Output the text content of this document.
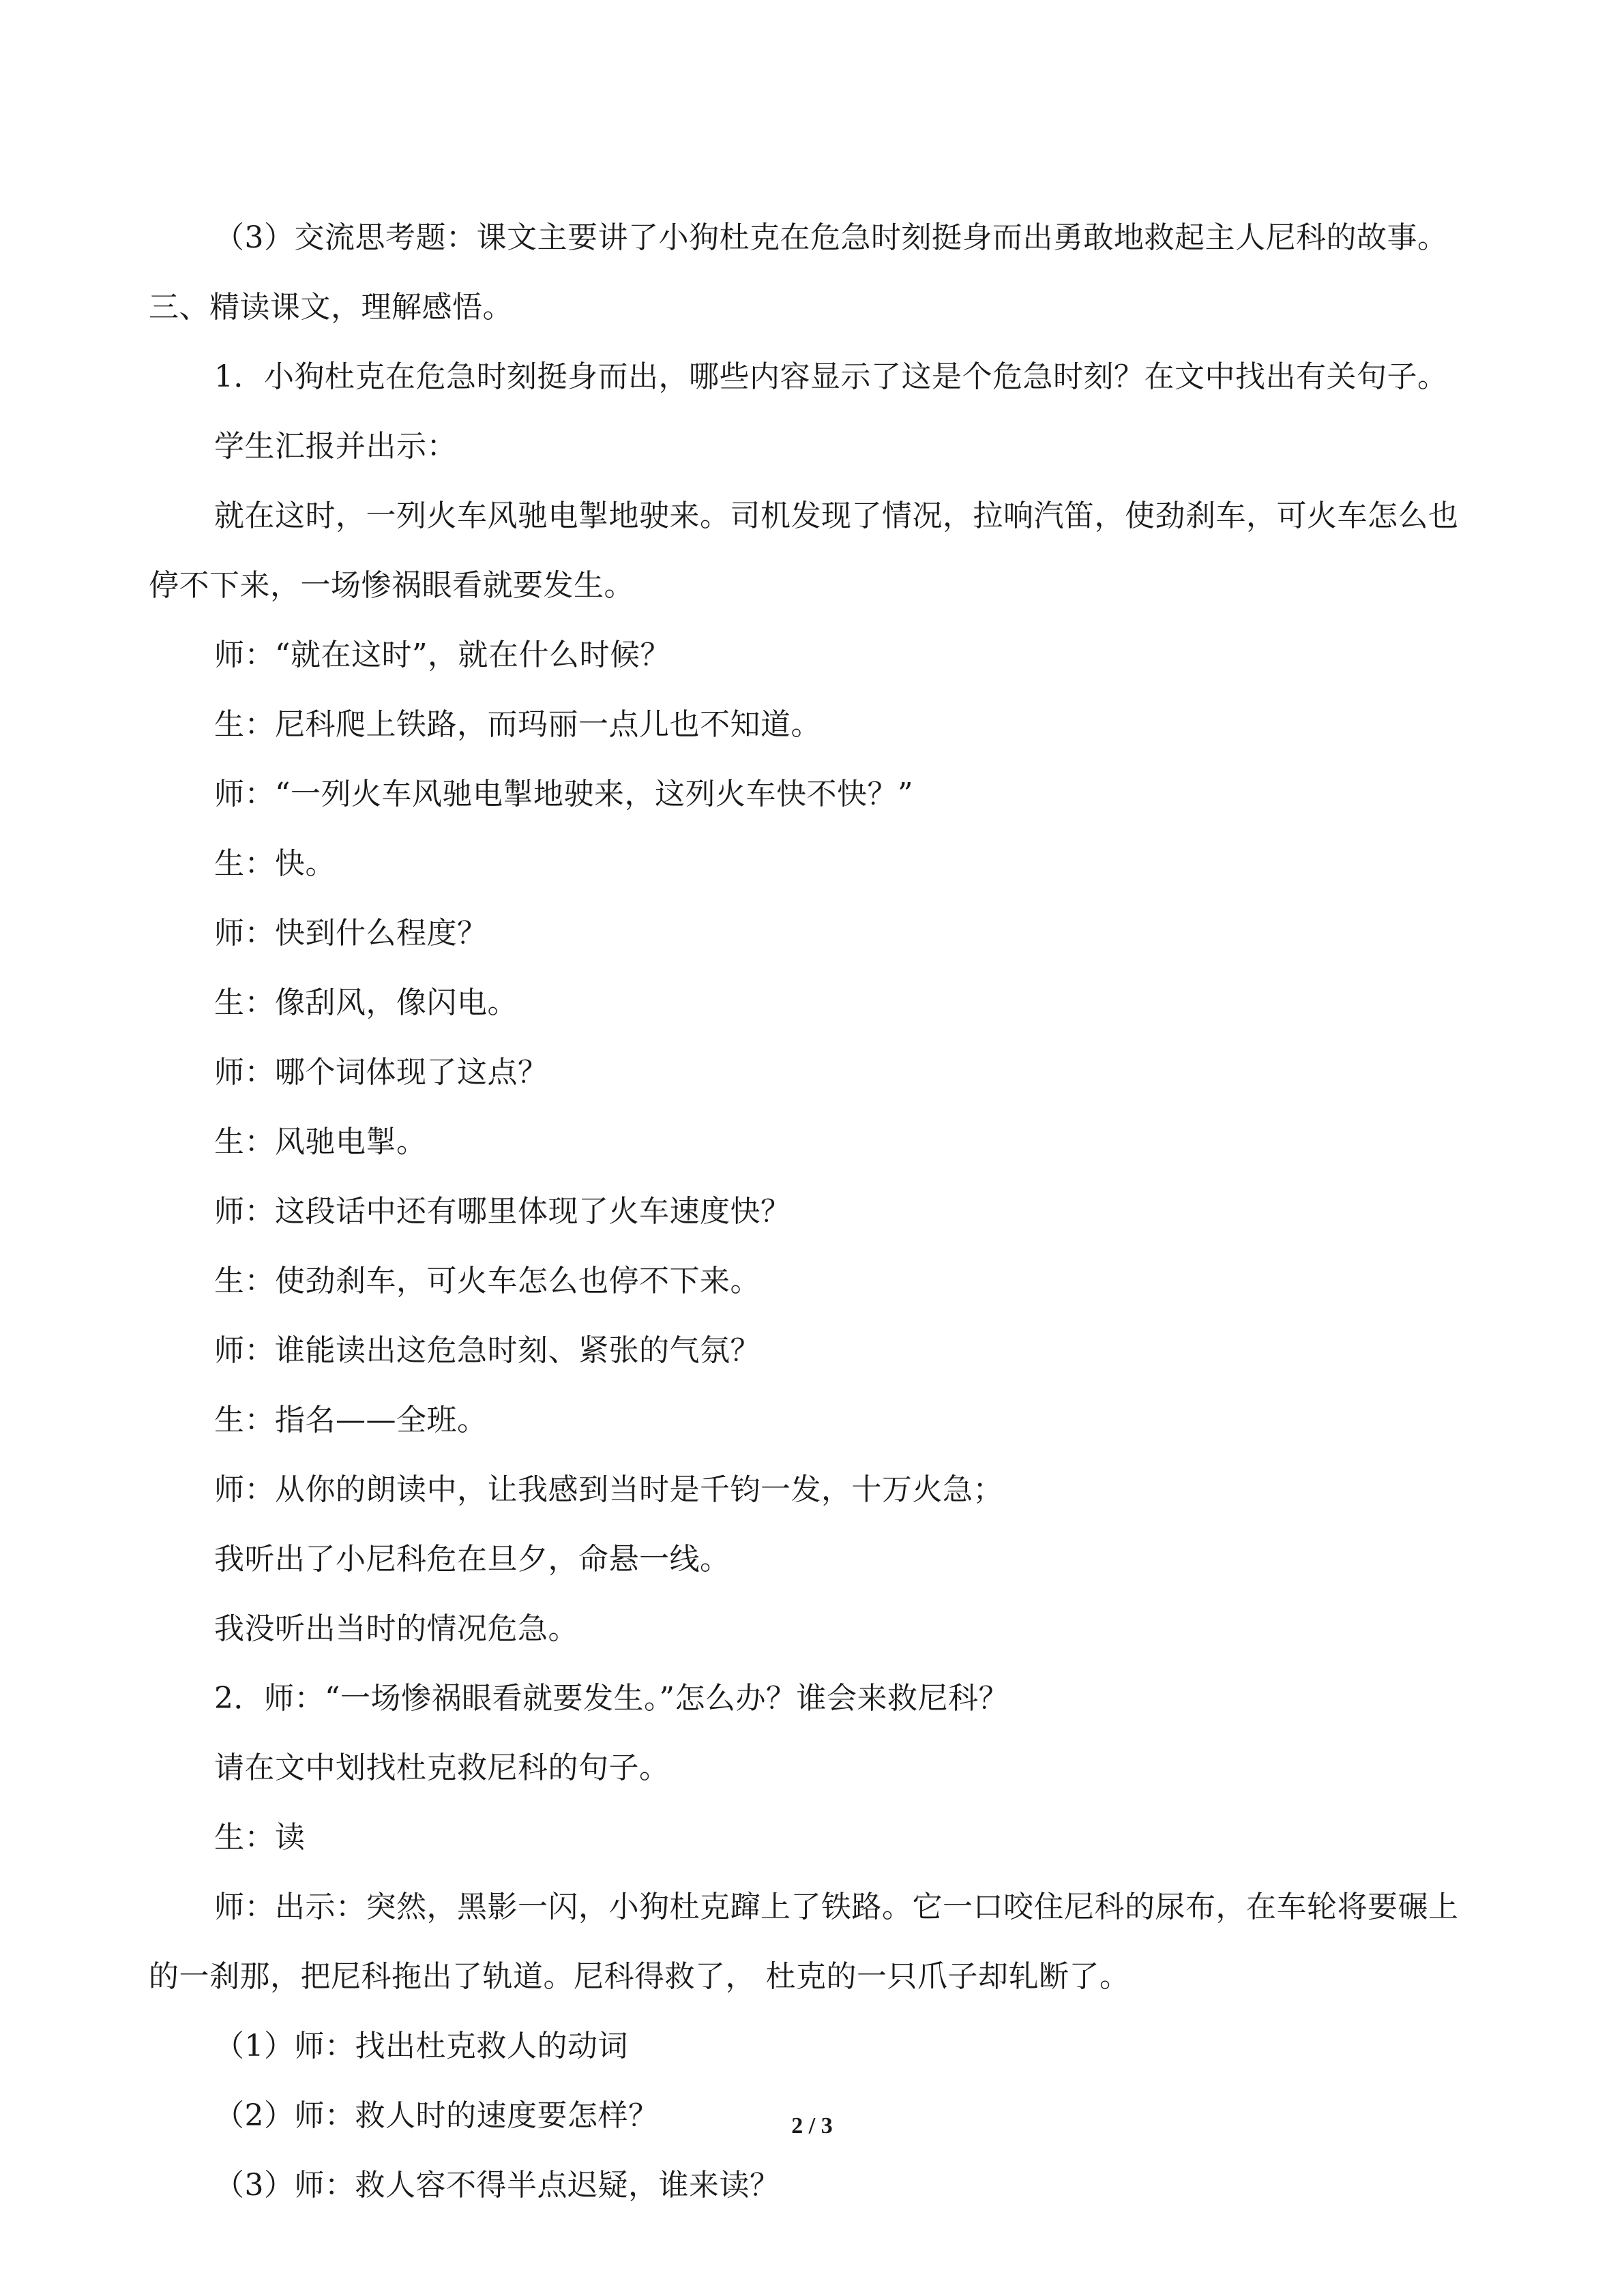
（3）交流思考题：课文主要讲了小狗杜克在危急时刻挺身而出勇敢地救起主人尼科的故事。

三、精读课文，理解感悟。

1．小狗杜克在危急时刻挺身而出，哪些内容显示了这是个危急时刻？在文中找出有关句子。

学生汇报并出示：

就在这时，一列火车风驰电掣地驶来。司机发现了情况，拉响汽笛，使劲刹车，可火车怎么也停不下来，一场惨祸眼看就要发生。

师：“就在这时”，就在什么时候？

生：尼科爬上铁路，而玛丽一点儿也不知道。

师：“一列火车风驰电掣地驶来，这列火车快不快？”

生：快。

师：快到什么程度？

生：像刮风，像闪电。

师：哪个词体现了这点？

生：风驰电掣。

师：这段话中还有哪里体现了火车速度快？

生：使劲刹车，可火车怎么也停不下来。

师：谁能读出这危急时刻、紧张的气氛？

生：指名——全班。

师：从你的朗读中，让我感到当时是千钧一发，十万火急；

我听出了小尼科危在旦夕，命悬一线。

我没听出当时的情况危急。

2．师：“一场惨祸眼看就要发生。”怎么办？谁会来救尼科？

请在文中划找杜克救尼科的句子。

生：读

师：出示：突然，黑影一闪，小狗杜克蹿上了铁路。它一口咬住尼科的尿布，在车轮将要碾上的一刹那，把尼科拖出了轨道。尼科得救了， 杜克的一只爪子却轧断了。

（1）师：找出杜克救人的动词

（2）师：救人时的速度要怎样？

（3）师：救人容不得半点迟疑，谁来读？

2 / 3
